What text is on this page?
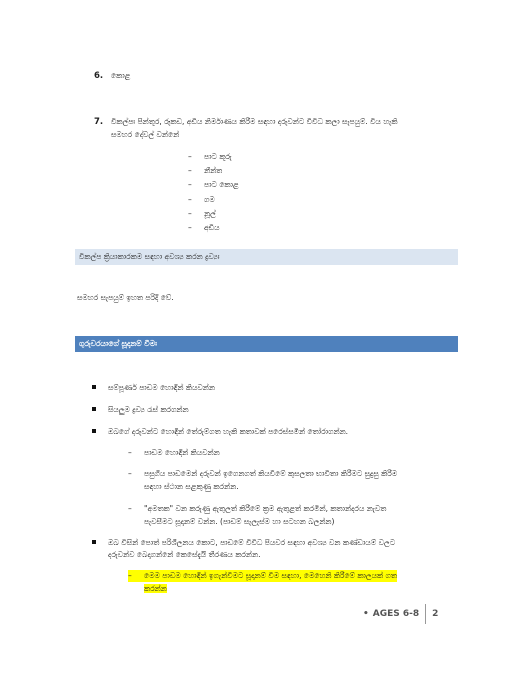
6. කොළ
7. විකල්පඃ පින්තූර, රූකඩ, අඩිය නිර්මාණය කිරීම සඳහා දරුවන්ට විවිධ කලා සැපයුම්. විය හැකි
සමහර දේවල් වන්නේ
–	පාට කූරු
–	නීන්ත
–	පාට කොළ
–	ගම
–	නූල්
–	අඩිය
විකල්ප ක්‍රියාකාරකම සඳහා අවශ්‍ය කරන ද්‍රව්‍යඃ
සමහර සැපයුම් ඉහත පරිදි වේ.
ගුරුවරයාගේ සූදානම් වීමඃ
සම්පූර්ණ පාඩම හොඳින් කියවන්න
සියලුම ද්‍රව්‍ය රැස් කරගන්න
ඔබගේ දරුවන්ට හොඳින් තේරුම්ගත හැකි කතාවක් පරෙස්සමින් තෝරාගන්න.
–	පාඩම හොඳින් කියවන්න
–	පසුගිය පාඩමෙන් දරුවන් ඉගෙනගත් කියවීමේ කුසලතා භාවිතා කිරීමට සුදුසු කිරීම
සඳහා ස්ථාන සළකුණු කරන්න.
–	"අමතක" වන කරුණු ඇතුලත් කිරීමේ ක්‍රම ඇතුළත් කරමින්, කතාන්දරය නැවත
පැවසීමට සූදානම් වන්න. (පාඩම් සැලැස්ම හා සටහන බලන්න)
ඔබ විසින් පොත් පරිශීලනය කොට, පාඩමේ විවිධ පියවර සඳහා අවශ්‍ය වන කණ්ඩායම් වලට
දරුවන්ව බෙදාගන්නේ කෙසේදැයි තීරණය කරන්න.
–	මෙම පාඩම හොඳින් ඉගැන්වීමට සූදානම් වීම සඳහා, මෙහෙනි කිරීමේ කාලයක් ගත
කරන්න
• AGES 6-8 2
